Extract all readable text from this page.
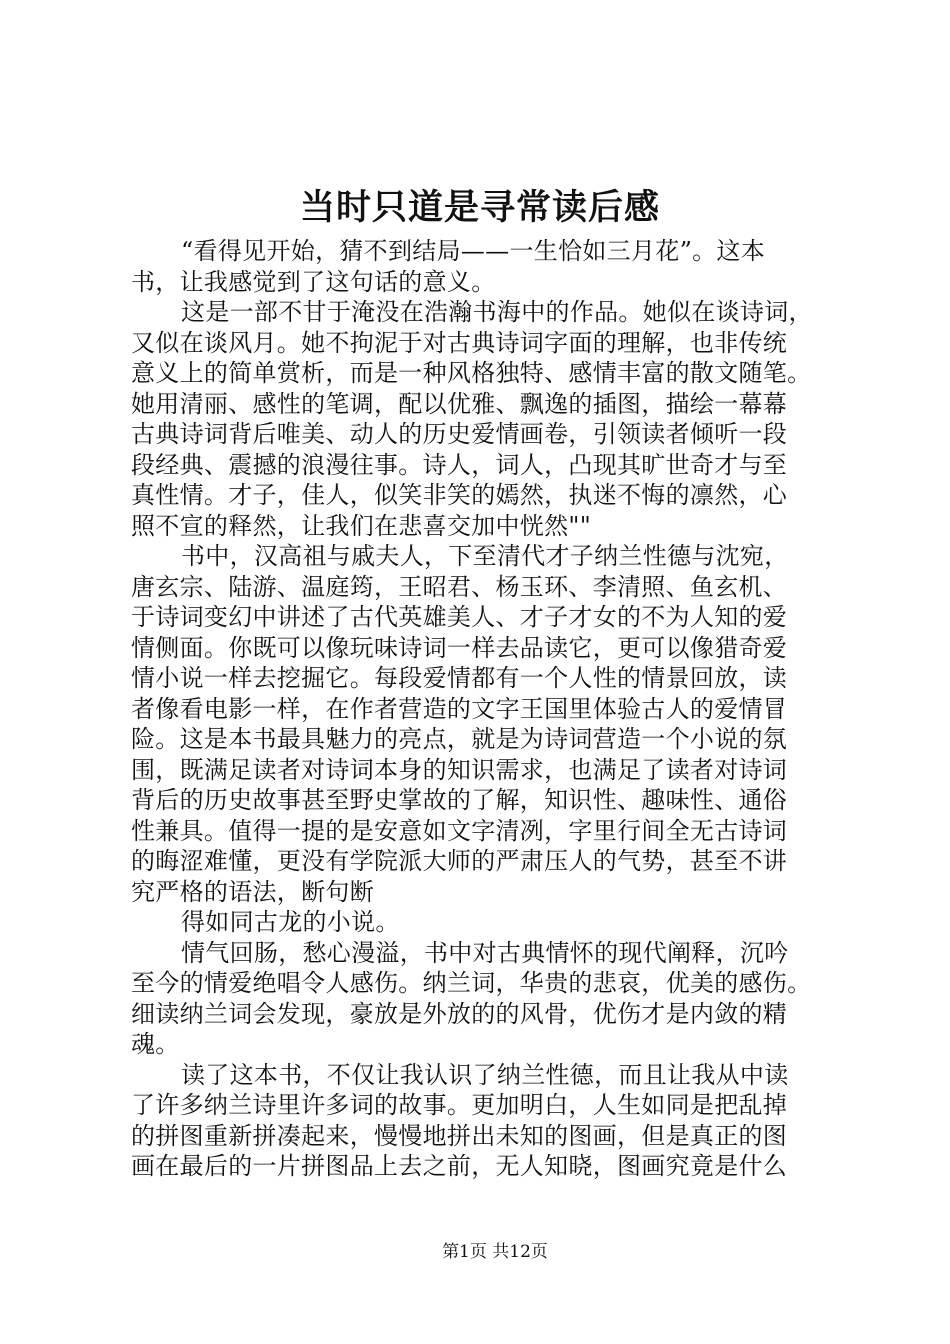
当时只道是寻常读后感
“看得见开始，猜不到结局——一生恰如三月花”。这本
书，让我感觉到了这句话的意义。
这是一部不甘于淹没在浩瀚书海中的作品。她似在谈诗词，
又似在谈风月。她不拘泥于对古典诗词字面的理解，也非传统
意义上的简单赏析，而是一种风格独特、感情丰富的散文随笔。
她用清丽、感性的笔调，配以优雅、飘逸的插图，描绘一幕幕
古典诗词背后唯美、动人的历史爱情画卷，引领读者倾听一段
段经典、震撼的浪漫往事。诗人，词人，凸现其旷世奇才与至
真性情。才子，佳人，似笑非笑的嫣然，执迷不悔的凛然，心
照不宣的释然，让我们在悲喜交加中恍然""
书中，汉高祖与戚夫人，下至清代才子纳兰性德与沈宛，
唐玄宗、陆游、温庭筠，王昭君、杨玉环、李清照、鱼玄机、
于诗词变幻中讲述了古代英雄美人、才子才女的不为人知的爱
情侧面。你既可以像玩味诗词一样去品读它，更可以像猎奇爱
情小说一样去挖掘它。每段爱情都有一个人性的情景回放，读
者像看电影一样，在作者营造的文字王国里体验古人的爱情冒
险。这是本书最具魅力的亮点，就是为诗词营造一个小说的氛
围，既满足读者对诗词本身的知识需求，也满足了读者对诗词
背后的历史故事甚至野史掌故的了解，知识性、趣味性、通俗
性兼具。值得一提的是安意如文字清冽，字里行间全无古诗词
的晦涩难懂，更没有学院派大师的严肃压人的气势，甚至不讲
究严格的语法，断句断
得如同古龙的小说。
情气回肠，愁心漫溢，书中对古典情怀的现代阐释，沉吟
至今的情爱绝唱令人感伤。纳兰词，华贵的悲哀，优美的感伤。
细读纳兰词会发现，豪放是外放的的风骨，优伤才是内敛的精
魂。
读了这本书，不仅让我认识了纳兰性德，而且让我从中读
了许多纳兰诗里许多词的故事。更加明白，人生如同是把乱掉
的拼图重新拼凑起来，慢慢地拼出未知的图画，但是真正的图
画在最后的一片拼图品上去之前，无人知晓，图画究竟是什么
第1页 共12页
